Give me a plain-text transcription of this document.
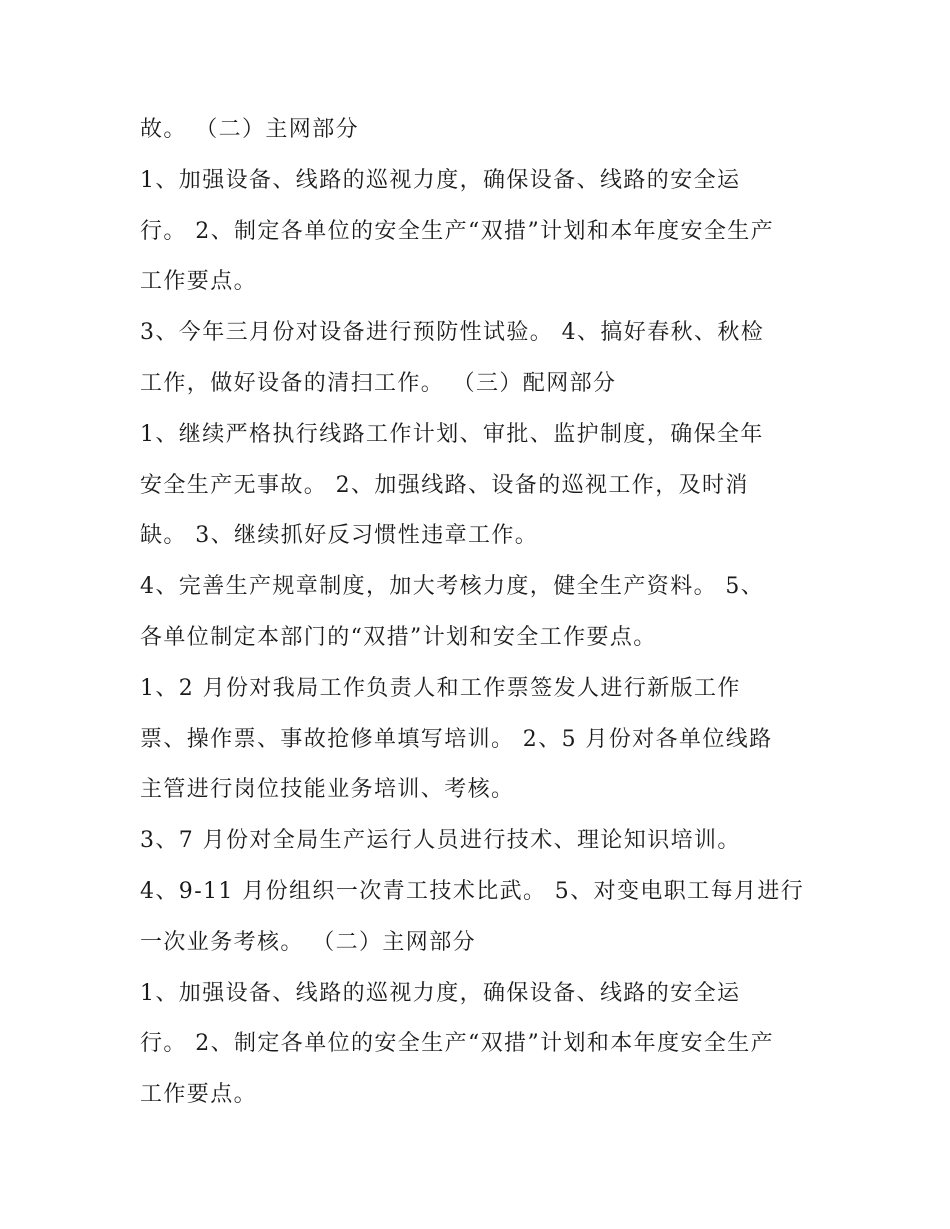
故。 （二）主网部分
1、加强设备、线路的巡视力度，确保设备、线路的安全运
行。 2、制定各单位的安全生产“双措”计划和本年度安全生产
工作要点。
3、今年三月份对设备进行预防性试验。 4、搞好春秋、秋检
工作，做好设备的清扫工作。 （三）配网部分
1、继续严格执行线路工作计划、审批、监护制度，确保全年
安全生产无事故。 2、加强线路、设备的巡视工作，及时消
缺。 3、继续抓好反习惯性违章工作。
4、完善生产规章制度，加大考核力度，健全生产资料。 5、
各单位制定本部门的“双措”计划和安全工作要点。
1、2 月份对我局工作负责人和工作票签发人进行新版工作
票、操作票、事故抢修单填写培训。 2、5 月份对各单位线路
主管进行岗位技能业务培训、考核。
3、7 月份对全局生产运行人员进行技术、理论知识培训。
4、9-11 月份组织一次青工技术比武。 5、对变电职工每月进行
一次业务考核。 （二）主网部分
1、加强设备、线路的巡视力度，确保设备、线路的安全运
行。 2、制定各单位的安全生产“双措”计划和本年度安全生产
工作要点。
